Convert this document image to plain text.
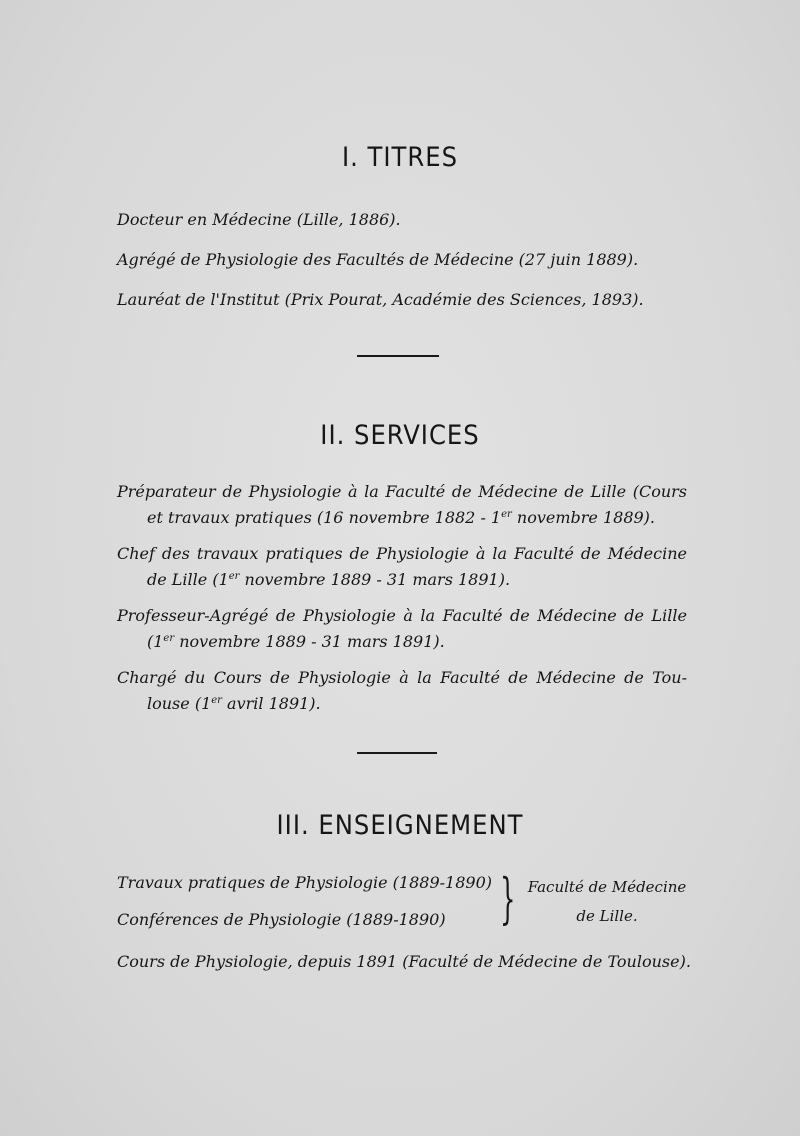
I. TITRES
Docteur en Médecine (Lille, 1886).
Agrégé de Physiologie des Facultés de Médecine (27 juin 1889).
Lauréat de l'Institut (Prix Pourat, Académie des Sciences, 1893).
II. SERVICES
Préparateur de Physiologie à la Faculté de Médecine de Lille (Cours
et travaux pratiques (16 novembre 1882 - 1er novembre 1889).
Chef des travaux pratiques de Physiologie à la Faculté de Médecine
de Lille (1er novembre 1889 - 31 mars 1891).
Professeur-Agrégé de Physiologie à la Faculté de Médecine de Lille
(1er novembre 1889 - 31 mars 1891).
Chargé du Cours de Physiologie à la Faculté de Médecine de Tou-
louse (1er avril 1891).
III. ENSEIGNEMENT
Travaux pratiques de Physiologie (1889-1890)
Conférences de Physiologie (1889-1890)	} Faculté de Médecine
de Lille.
Cours de Physiologie, depuis 1891 (Faculté de Médecine de Toulouse).
